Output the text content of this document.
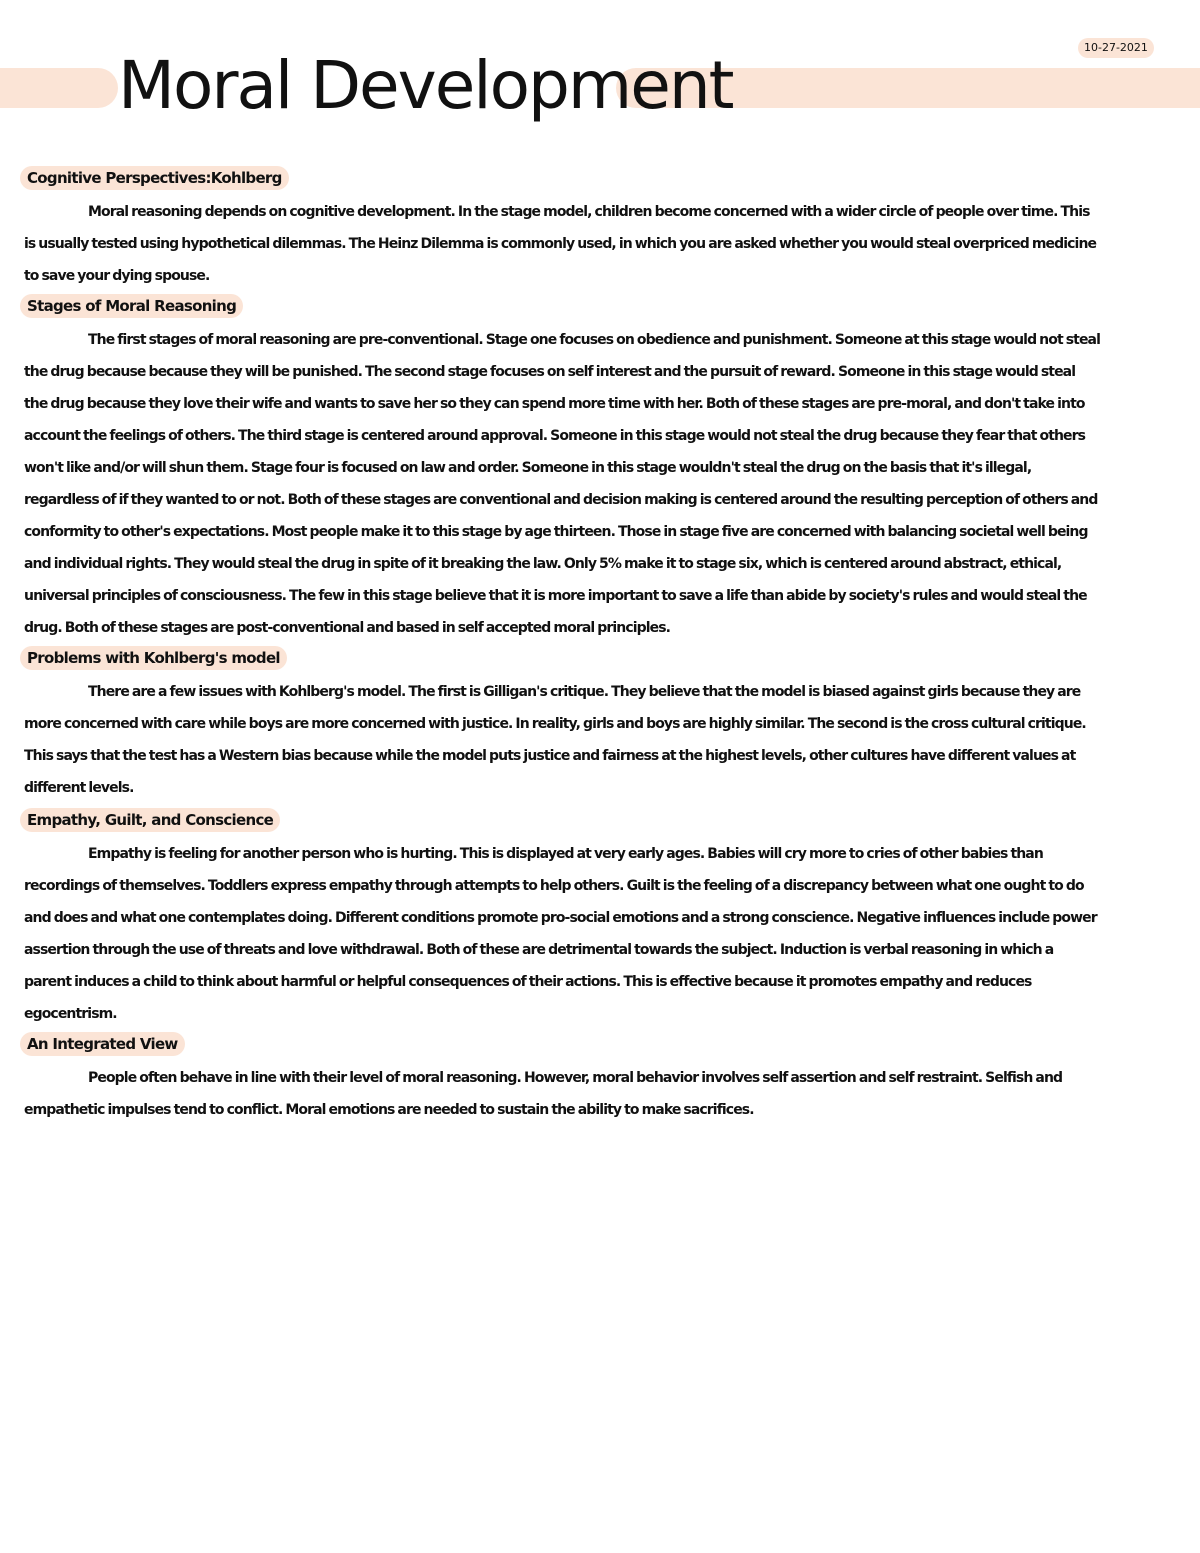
Moral Development	10-27-2021
Cognitive Perspectives:Kohlberg

Moral reasoning depends on cognitive development. In the stage model, children become concerned with a wider circle of people over time. This is usually tested using hypothetical dilemmas. The Heinz Dilemma is commonly used, in which you are asked whether you would steal overpriced medicine to save your dying spouse.

Stages of Moral Reasoning

The first stages of moral reasoning are pre-conventional. Stage one focuses on obedience and punishment. Someone at this stage would not steal the drug because because they will be punished. The second stage focuses on self interest and the pursuit of reward. Someone in this stage would steal the drug because they love their wife and wants to save her so they can spend more time with her. Both of these stages are pre-moral, and don't take into account the feelings of others. The third stage is centered around approval. Someone in this stage would not steal the drug because they fear that others won't like and/or will shun them. Stage four is focused on law and order. Someone in this stage wouldn't steal the drug on the basis that it's illegal, regardless of if they wanted to or not. Both of these stages are conventional and decision making is centered around the resulting perception of others and conformity to other's expectations. Most people make it to this stage by age thirteen. Those in stage five are concerned with balancing societal well being and individual rights. They would steal the drug in spite of it breaking the law. Only 5% make it to stage six, which is centered around abstract, ethical, universal principles of consciousness. The few in this stage believe that it is more important to save a life than abide by society's rules and would steal the drug. Both of these stages are post-conventional and based in self accepted moral principles.

Problems with Kohlberg's model

There are a few issues with Kohlberg's model. The first is Gilligan's critique. They believe that the model is biased against girls because they are more concerned with care while boys are more concerned with justice. In reality, girls and boys are highly similar. The second is the cross cultural critique. This says that the test has a Western bias because while the model puts justice and fairness at the highest levels, other cultures have different values at different levels.

Empathy, Guilt, and Conscience

Empathy is feeling for another person who is hurting. This is displayed at very early ages. Babies will cry more to cries of other babies than recordings of themselves. Toddlers express empathy through attempts to help others. Guilt is the feeling of a discrepancy between what one ought to do and does and what one contemplates doing. Different conditions promote pro-social emotions and a strong conscience. Negative influences include power assertion through the use of threats and love withdrawal. Both of these are detrimental towards the subject. Induction is verbal reasoning in which a parent induces a child to think about harmful or helpful consequences of their actions. This is effective because it promotes empathy and reduces egocentrism.

An Integrated View

People often behave in line with their level of moral reasoning. However, moral behavior involves self assertion and self restraint. Selfish and empathetic impulses tend to conflict. Moral emotions are needed to sustain the ability to make sacrifices.
